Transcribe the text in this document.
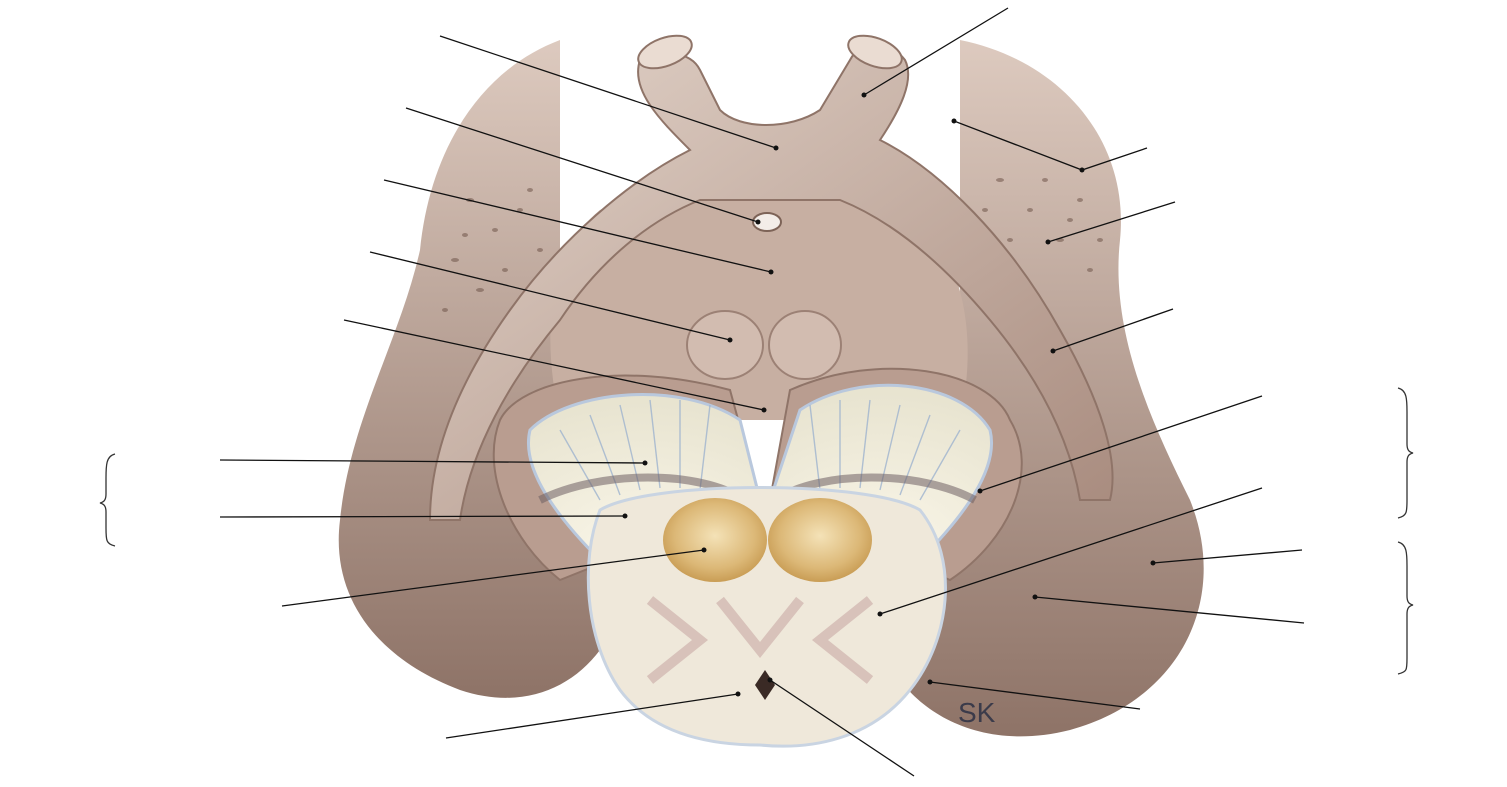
SK
